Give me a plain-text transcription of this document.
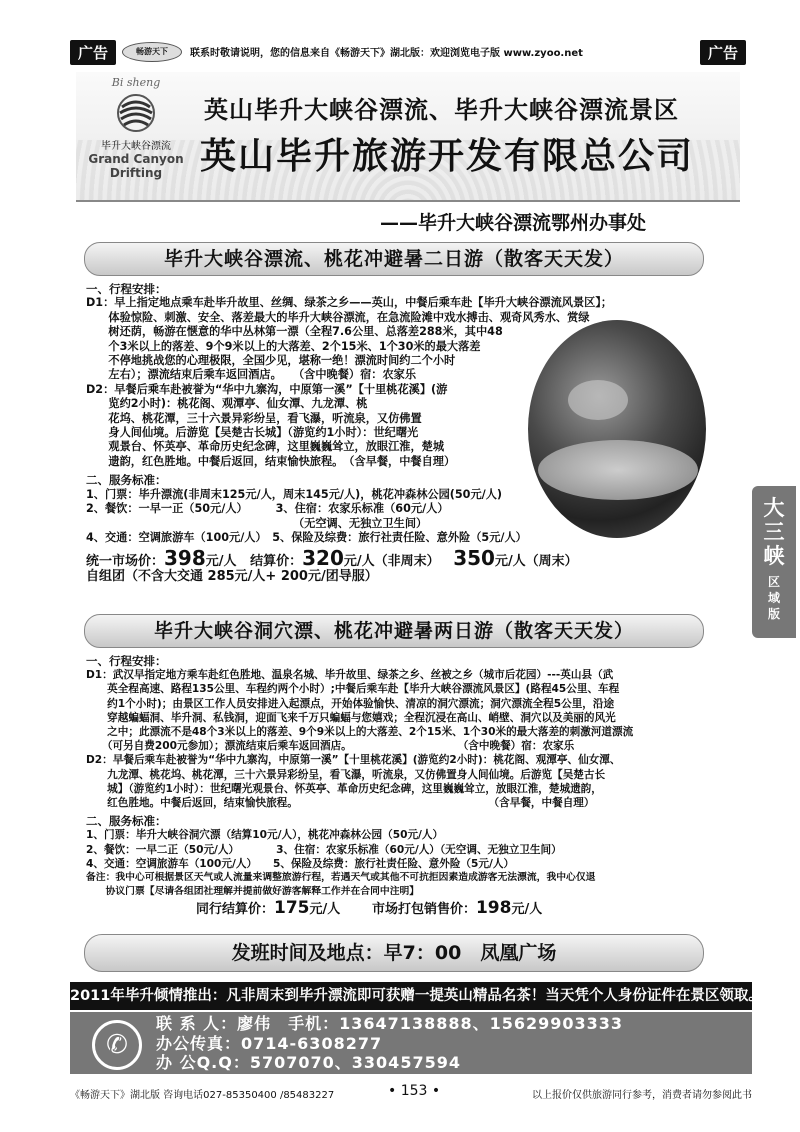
广告	畅游天下	联系时敬请说明，您的信息来自《畅游天下》湖北版：欢迎浏览电子版 www.zyoo.net	广告
Bi sheng
毕升大峡谷漂流
Grand Canyon
Drifting
英山毕升大峡谷漂流、毕升大峡谷漂流景区
英山毕升旅游开发有限总公司
——毕升大峡谷漂流鄂州办事处
毕升大峡谷漂流、桃花冲避暑二日游（散客天天发）
一、行程安排：
D1：早上指定地点乘车赴毕升故里、丝绸、绿茶之乡——英山，中餐后乘车赴【毕升大峡谷漂流风景区】；
　　体验惊险、刺激、安全、落差最大的毕升大峡谷漂流，在急流险滩中戏水搏击、观奇风秀水、赏绿
　　树还荫，畅游在惬意的华中丛林第一漂（全程7.6公里、总落差288米，其中48
　　个3米以上的落差、9个9米以上的大落差、2个15米、1个30米的最大落差
　　不停地挑战您的心理极限，全国少见，堪称一绝！漂流时间约二个小时
　　左右）；漂流结束后乘车返回酒店。　　（含中晚餐）宿：农家乐
D2：早餐后乘车赴被誉为“华中九寨沟，中原第一溪”【十里桃花溪】(游
　　览约2小时)：桃花阁、观潭亭、仙女潭、九龙潭、桃
　　花坞、桃花潭，三十六景异彩纷呈，看飞瀑，听流泉，又仿佛置
　　身人间仙境。后游览【吴楚古长城】（游览约1小时）：世纪曙光
　　观景台、怀英亭、革命历史纪念碑，这里巍巍耸立，放眼江淮，楚城
　　遗韵，红色胜地。中餐后返回，结束愉快旅程。　（含早餐，中餐自理）
二、服务标准：
1、门票：毕升漂流(非周末125元/人，周末145元/人)，桃花冲森林公园(50元/人)
2、餐饮：一早一正（50元/人）　　　3、住宿：农家乐标准（60元/人）
　　　　　　　　　　　　　　　　　　　（无空调、无独立卫生间）
4、交通：空调旅游车（100元/人）　5、保险及综费：旅行社责任险、意外险（5元/人）
统一市场价：398元/人 结算价：320元/人（非周末） 350元/人（周末）
自组团（不含大交通 285元/人+ 200元/团导服）
大
三
峡
区
域
版
毕升大峡谷洞穴漂、桃花冲避暑两日游（散客天天发）
一、行程安排：
D1：武汉早指定地方乘车赴红色胜地、温泉名城、毕升故里、绿茶之乡、丝被之乡（城市后花园）---英山县（武
　　英全程高速、路程135公里、车程约两个小时）;中餐后乘车赴【毕升大峡谷漂流风景区】(路程45公里、车程
　　约1个小时)；由景区工作人员安排进入起漂点，开始体验愉快、清凉的洞穴漂流；洞穴漂流全程5公里，沿途
　　穿越蝙蝠洞、毕升洞、私钱洞，迎面飞来千万只蝙蝠与您嬉戏；全程沉浸在高山、峭壁、洞穴以及美丽的风光
　　之中；此漂流不是48个3米以上的落差、9个9米以上的大落差、2个15米、1个30米的最大落差的刺激河道漂流
　　（可另自费200元参加）；漂流结束后乘车返回酒店。　　　　　　　　　　　（含中晚餐）宿：农家乐
D2：早餐后乘车赴被誉为“华中九寨沟，中原第一溪”【十里桃花溪】(游览约2小时)：桃花阁、观潭亭、仙女潭、
　　九龙潭、桃花坞、桃花潭，三十六景异彩纷呈，看飞瀑，听流泉，又仿佛置身人间仙境。后游览【吴楚古长
　　城】（游览约1小时）：世纪曙光观景台、怀英亭、革命历史纪念碑，这里巍巍耸立，放眼江淮，楚城遗韵，
　　红色胜地。中餐后返回，结束愉快旅程。　　　　　　　　　　　　　　　　　　　（含早餐，中餐自理）
二、服务标准：
1、门票：毕升大峡谷洞穴漂（结算10元/人），桃花冲森林公园（50元/人）
2、餐饮：一早二正（50元/人）　　　　3、住宿：农家乐标准（60元/人）（无空调、无独立卫生间）
4、交通：空调旅游车（100元/人）　　5、保险及综费：旅行社责任险、意外险（5元/人）
备注：我中心可根据景区天气或人流量来调整旅游行程，若遇天气或其他不可抗拒因素造成游客无法漂流，我中心仅退
　　协议门票【尽请各组团社理解并提前做好游客解释工作并在合同中注明】
同行结算价：175元/人 市场打包销售价：198元/人
发班时间及地点：早7：00　凤凰广场
2011年毕升倾情推出：凡非周末到毕升漂流即可获赠一提英山精品名茶！当天凭个人身份证件在景区领取。
✆
联 系 人：廖伟　手机：13647138888、15629903333
办公传真：0714-6308277
办 公Q.Q：5707070、330457594
《畅游天下》湖北版 咨询电话027-85350400 /85483227	• 153 •	以上报价仅供旅游同行参考，消费者请勿参阅此书
